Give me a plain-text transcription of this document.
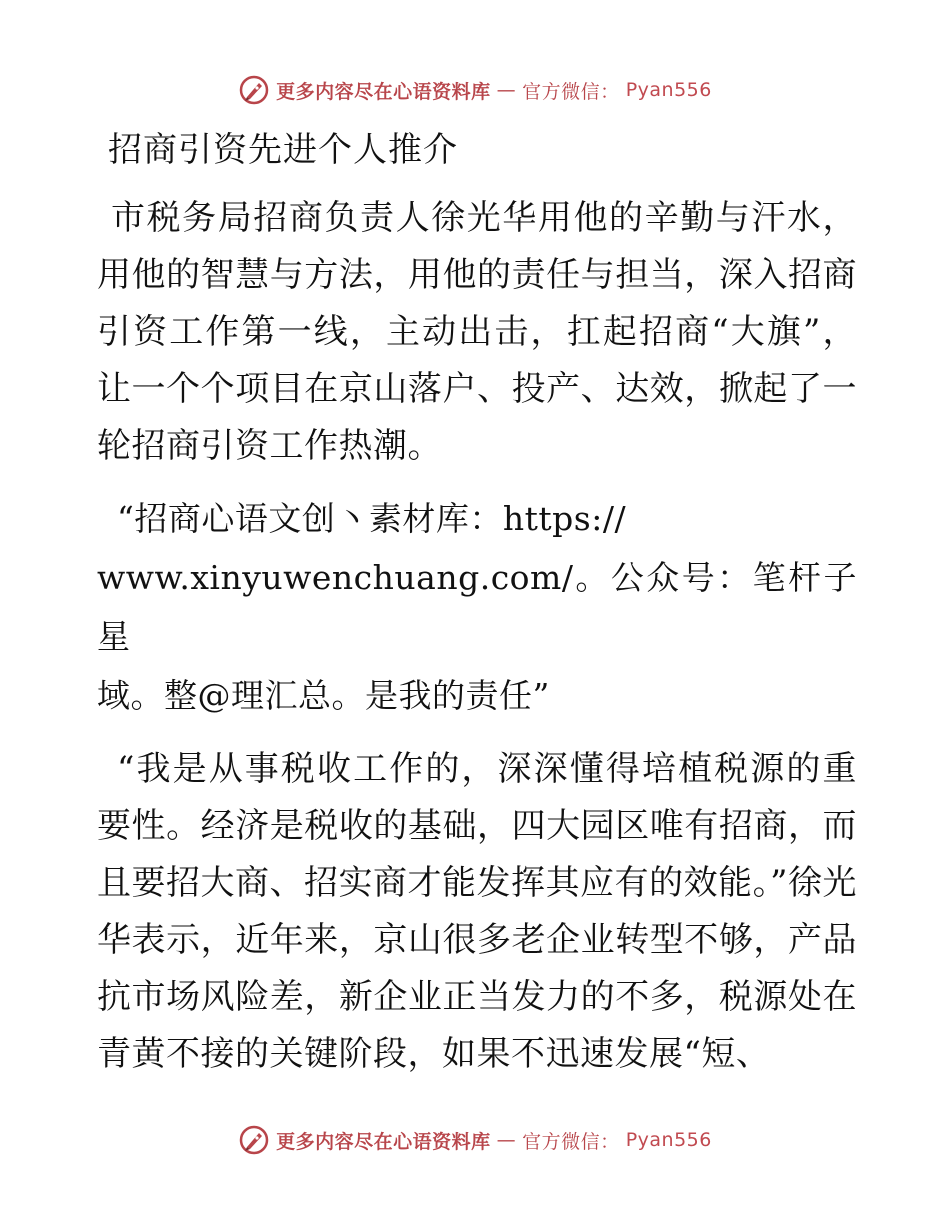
更多内容尽在心语资料库 — 官方微信： Pyan556
招商引资先进个人推介

市税务局招商负责人徐光华用他的辛勤与汗水，用他的智慧与方法，用他的责任与担当，深入招商引资工作第一线，主动出击，扛起招商“大旗”，让一个个项目在京山落户、投产、达效，掀起了一轮招商引资工作热潮。

“招商心语文创丶素材库：https://
www.xinyuwenchuang.com/。公众号：笔杆子星
域。整@理汇总。是我的责任”

“我是从事税收工作的，深深懂得培植税源的重要性。经济是税收的基础，四大园区唯有招商，而且要招大商、招实商才能发挥其应有的效能。”徐光华表示，近年来，京山很多老企业转型不够，产品抗市场风险差，新企业正当发力的不多，税源处在青黄不接的关键阶段，如果不迅速发展“短、

更多内容尽在心语资料库 — 官方微信： Pyan556
